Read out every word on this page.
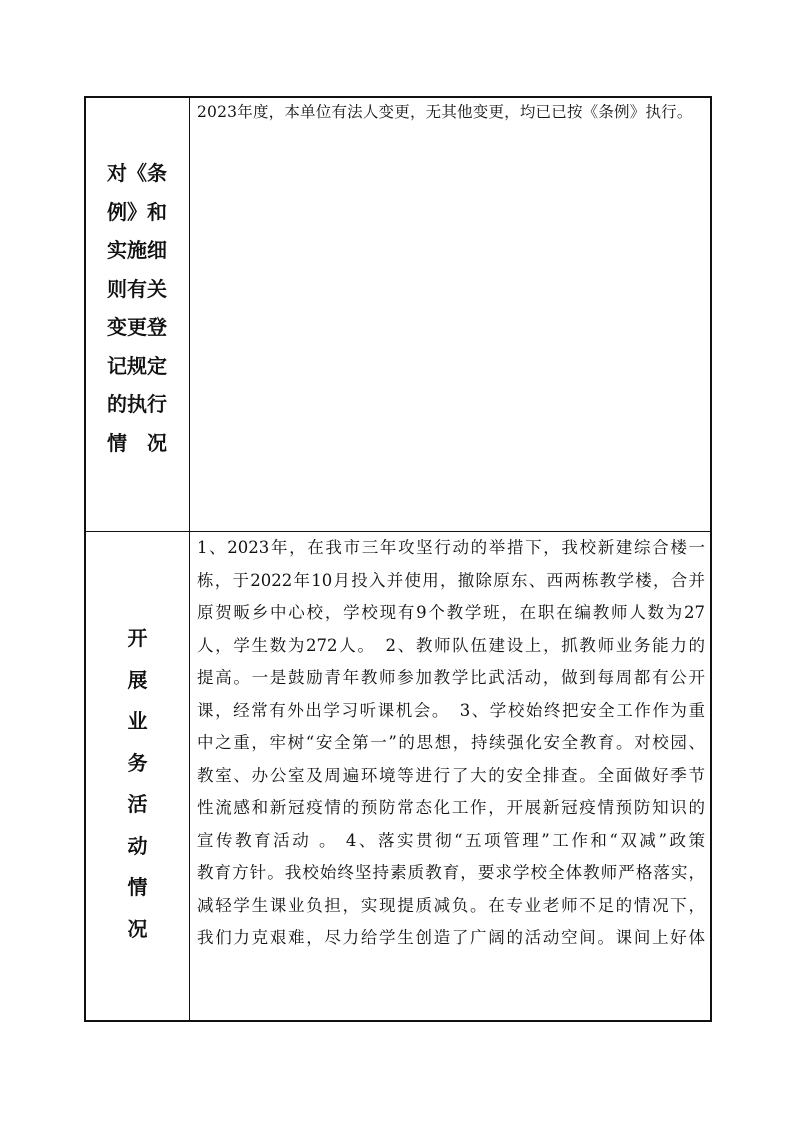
对《条
例》和
实施细
则有关
变更登
记规定
的执行
情　况
2023年度，本单位有法人变更，无其他变更，均已已按《条例》执行。
开
展
业
务
活
动
情
况
1、2023年，在我市三年攻坚行动的举措下，我校新建综合楼一
栋，于2022年10月投入并使用，撤除原东、西两栋教学楼，合并
原贺畈乡中心校，学校现有9个教学班，在职在编教师人数为27
人，学生数为272人。　2、教师队伍建设上，抓教师业务能力的
提高。一是鼓励青年教师参加教学比武活动，做到每周都有公开
课，经常有外出学习听课机会。　3、学校始终把安全工作作为重
中之重，牢树“安全第一”的思想，持续强化安全教育。对校园、
教室、办公室及周遍环境等进行了大的安全排查。全面做好季节
性流感和新冠疫情的预防常态化工作，开展新冠疫情预防知识的
宣传教育活动 。 4、落实贯彻“五项管理”工作和“双减”政策
教育方针。我校始终坚持素质教育，要求学校全体教师严格落实，
减轻学生课业负担，实现提质减负。在专业老师不足的情况下，
我们力克艰难，尽力给学生创造了广阔的活动空间。课间上好体
